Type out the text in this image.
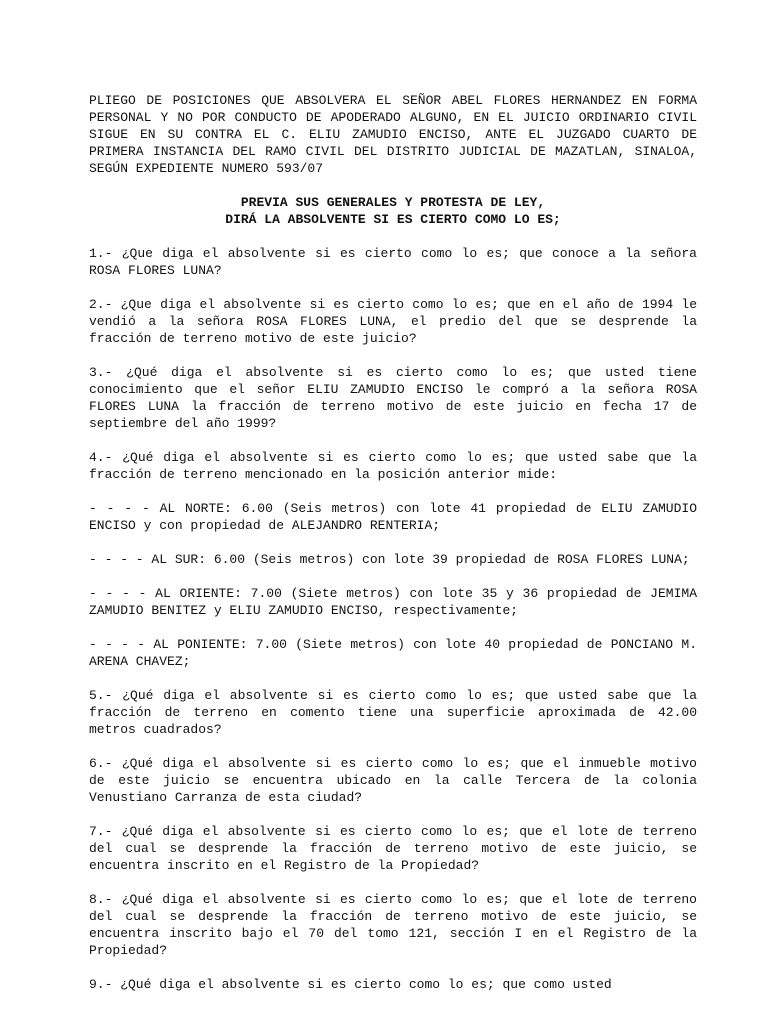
PLIEGO DE POSICIONES QUE ABSOLVERA EL SEÑOR ABEL FLORES HERNANDEZ EN FORMA PERSONAL Y NO POR CONDUCTO DE APODERADO ALGUNO, EN EL JUICIO ORDINARIO CIVIL SIGUE EN SU CONTRA EL C. ELIU ZAMUDIO ENCISO, ANTE EL JUZGADO CUARTO DE PRIMERA INSTANCIA DEL RAMO CIVIL DEL DISTRITO JUDICIAL DE MAZATLAN, SINALOA, SEGÚN EXPEDIENTE NUMERO 593/07

PREVIA SUS GENERALES Y PROTESTA DE LEY,
DIRÁ LA ABSOLVENTE SI ES CIERTO COMO LO ES;

1.- ¿Que diga el absolvente si es cierto como lo es; que conoce a la señora ROSA FLORES LUNA?

2.- ¿Que diga el absolvente si es cierto como lo es; que en el año de 1994 le vendió a la señora ROSA FLORES LUNA, el predio del que se desprende la fracción de terreno motivo de este juicio?

3.- ¿Qué diga el absolvente si es cierto como lo es; que usted tiene conocimiento que el señor ELIU ZAMUDIO ENCISO le compró a la señora ROSA FLORES LUNA la fracción de terreno motivo de este juicio en fecha 17 de septiembre del año 1999?

4.- ¿Qué diga el absolvente si es cierto como lo es; que usted sabe que la fracción de terreno mencionado en la posición anterior mide:

- - - - AL NORTE: 6.00 (Seis metros) con lote 41 propiedad de ELIU ZAMUDIO ENCISO y con propiedad de ALEJANDRO RENTERIA;

- - - - AL SUR: 6.00 (Seis metros) con lote 39 propiedad de ROSA FLORES LUNA;

- - - - AL ORIENTE: 7.00 (Siete metros) con lote 35 y 36 propiedad de JEMIMA ZAMUDIO BENITEZ y ELIU ZAMUDIO ENCISO, respectivamente;

- - - - AL PONIENTE: 7.00 (Siete metros) con lote 40 propiedad de PONCIANO M. ARENA CHAVEZ;

5.- ¿Qué diga el absolvente si es cierto como lo es; que usted sabe que la fracción de terreno en comento tiene una superficie aproximada de 42.00 metros cuadrados?

6.- ¿Qué diga el absolvente si es cierto como lo es; que el inmueble motivo de este juicio se encuentra ubicado en la calle Tercera de la colonia Venustiano Carranza de esta ciudad?

7.- ¿Qué diga el absolvente si es cierto como lo es; que el lote de terreno del cual se desprende la fracción de terreno motivo de este juicio, se encuentra inscrito en el Registro de la Propiedad?

8.- ¿Qué diga el absolvente si es cierto como lo es; que el lote de terreno del cual se desprende la fracción de terreno motivo de este juicio, se encuentra inscrito bajo el 70 del tomo 121, sección I en el Registro de la Propiedad?

9.- ¿Qué diga el absolvente si es cierto como lo es; que como usted
